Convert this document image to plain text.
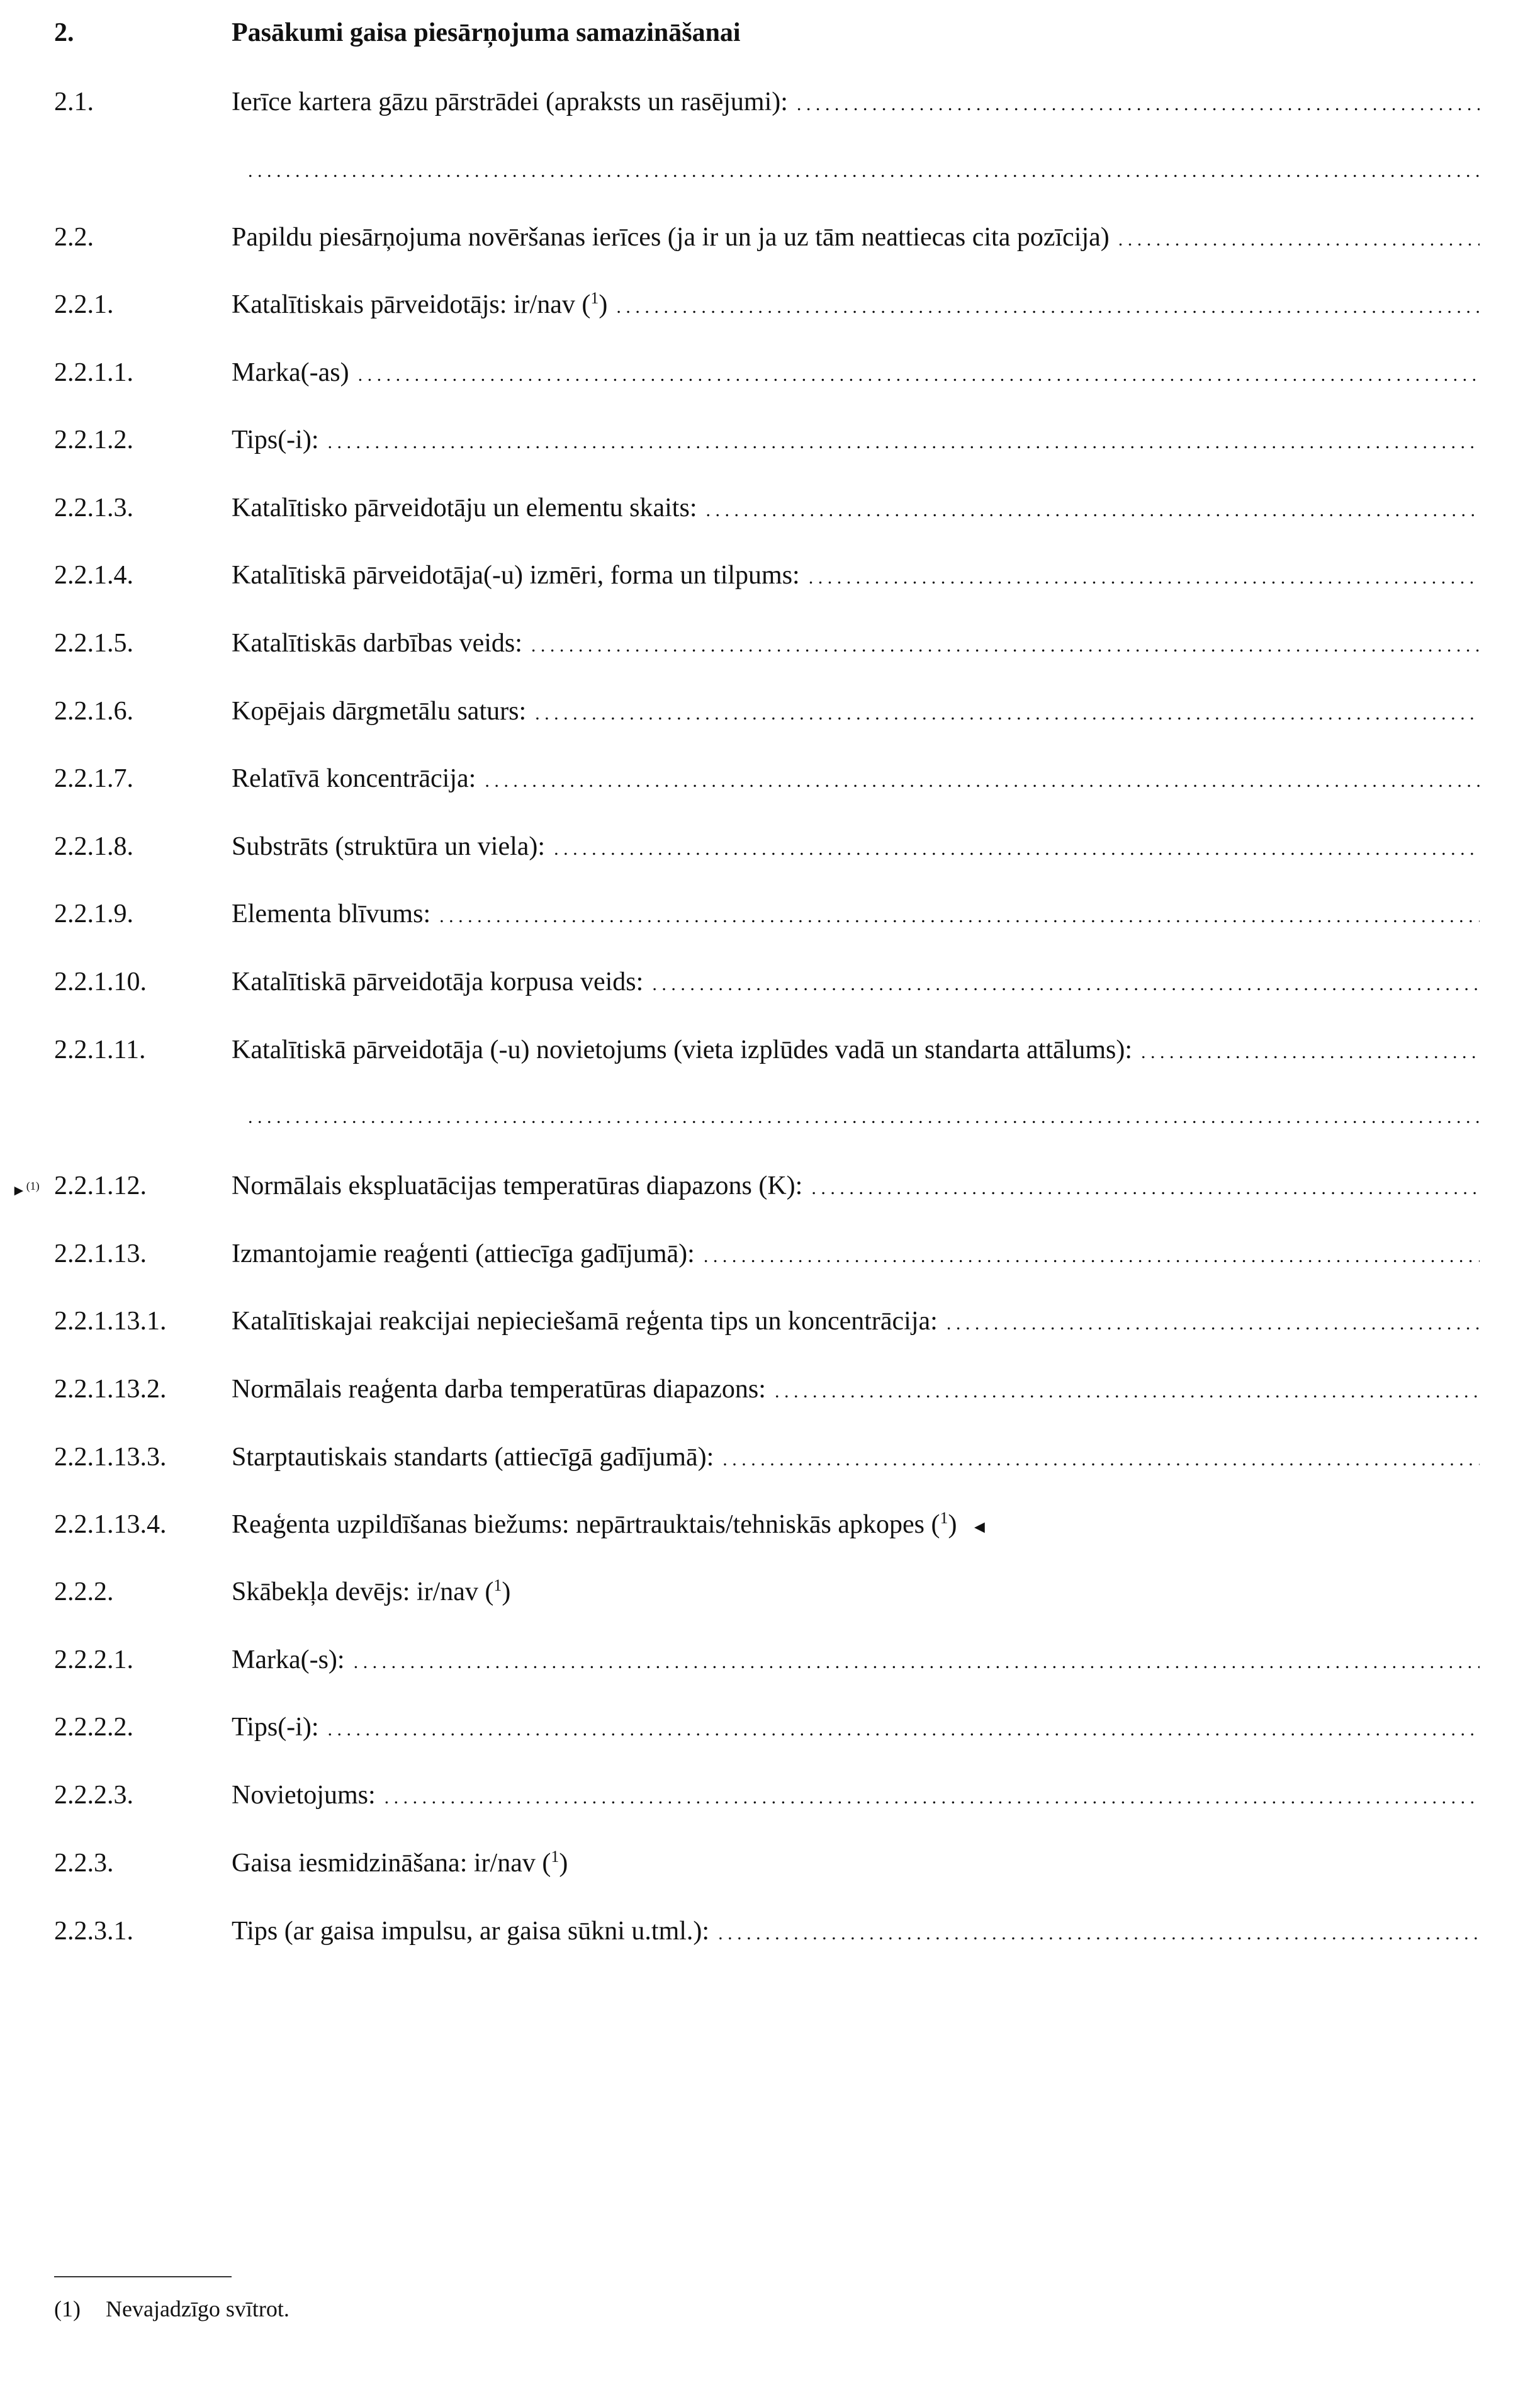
2.	Pasākumi gaisa piesārņojuma samazināšanai
2.1.	Ierīce kartera gāzu pārstrādei (apraksts un rasējumi):
. . .
. . .
2.2.	Papildu piesārņojuma novēršanas ierīces (ja ir un ja uz tām neattiecas cita pozīcija)
. . .
2.2.1.	Katalītiskais pārveidotājs: ir/nav ($^1$)
. . .
2.2.1.1.	Marka(-as)
. . .
2.2.1.2.	Tips(-i):
. . .
2.2.1.3.	Katalītisko pārveidotāju un elementu skaits:
. . .
2.2.1.4.	Katalītiskā pārveidotāja(-u) izmēri, forma un tilpums:
. . .
2.2.1.5.	Katalītiskās darbības veids:
. . .
2.2.1.6.	Kopējais dārgmetālu saturs:
. . .
2.2.1.7.	Relatīvā koncentrācija:
. . .
2.2.1.8.	Substrāts (struktūra un viela):
. . .
2.2.1.9.	Elementa blīvums:
. . .
2.2.1.10.	Katalītiskā pārveidotāja korpusa veids:
. . .
2.2.1.11.	Katalītiskā pārveidotāja (-u) novietojums (vieta izplūdes vadā un standarta attālums):
. . .
. . .
►$^{(1)}$ 2.2.1.12.	Normālais ekspluatācijas temperatūras diapazons (K):
. . .
2.2.1.13.	Izmantojamie reaģenti (attiecīga gadījumā):
. . .
2.2.1.13.1. Katalītiskajai reakcijai nepieciešamā reģenta tips un koncentrācija:
. . .
2.2.1.13.2. Normālais reaģenta darba temperatūras diapazons:
. . .
2.2.1.13.3. Starptautiskais standarts (attiecīgā gadījumā):
. . .
2.2.1.13.4. Reaģenta uzpildīšanas biežums: nepārtrauktais/tehniskās apkopes ($^1$) ◄
2.2.2.	Skābekļa devējs: ir/nav ($^1$)
2.2.2.1.	Marka(-s):
. . .
2.2.2.2.	Tips(-i):
. . .
2.2.2.3.	Novietojums:
. . .
2.2.3.	Gaisa iesmidzināšana: ir/nav ($^1$)
2.2.3.1.	Tips (ar gaisa impulsu, ar gaisa sūkni u.tml.):
. . .
(1) Nevajadzīgo svītrot.
